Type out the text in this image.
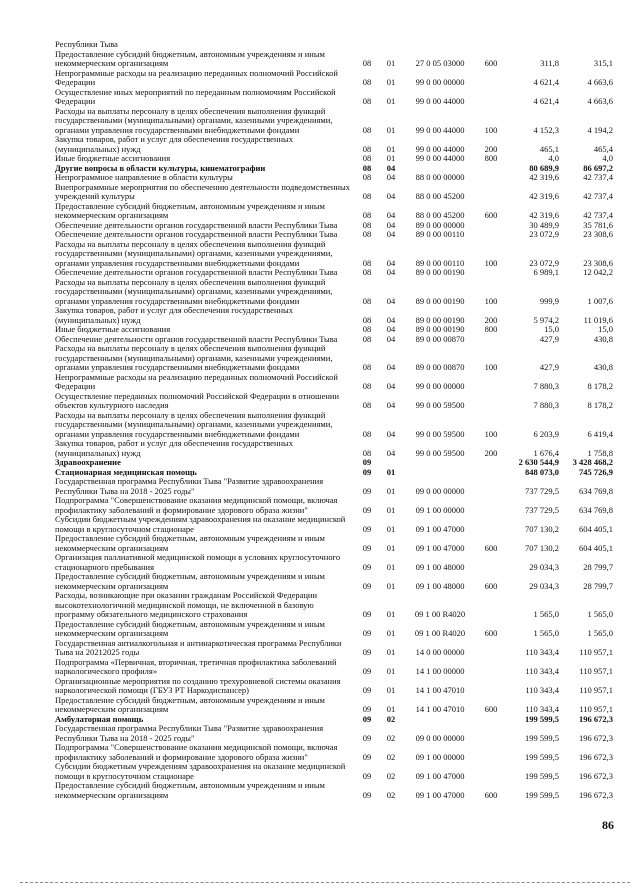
Республики Тыва						
Предоставление субсидий бюджетным, автономным учреждениям и иным некоммерческим организациям	08	01	27 0 05 03000	600	311,8	315,1
Непрограммные расходы на реализацию переданных полномочий Российской Федерации	08	01	99 0 00 00000		4 621,4	4 663,6
Осуществление иных мероприятий по переданным полномочиям Российской Федерации	08	01	99 0 00 44000		4 621,4	4 663,6
Расходы на выплаты персоналу в целях обеспечения выполнения функций государственными (муниципальными) органами, казенными учреждениями, органами управления государственными внебюджетными фондами	08	01	99 0 00 44000	100	4 152,3	4 194,2
Закупка товаров, работ и услуг для обеспечения государственных (муниципальных) нужд	08	01	99 0 00 44000	200	465,1	465,4
Иные бюджетные ассигнования	08	01	99 0 00 44000	800	4,0	4,0
Другие вопросы в области культуры, кинематографии	08	04			80 689,9	86 697,2
Непрограммное направление в области культуры	08	04	88 0 00 00000		42 319,6	42 737,4
Внепрограммные мероприятия по обеспечению деятельности подведомственных учреждений культуры	08	04	88 0 00 45200		42 319,6	42 737,4
Предоставление субсидий бюджетным, автономным учреждениям и иным некоммерческим организациям	08	04	88 0 00 45200	600	42 319,6	42 737,4
Обеспечение деятельности органов государственной власти Республики Тыва	08	04	89 0 00 00000		30 489,9	35 781,6
Обеспечение деятельности органов государственной власти Республики Тыва	08	04	89 0 00 00110		23 072,9	23 308,6
Расходы на выплаты персоналу в целях обеспечения выполнения функций государственными (муниципальными) органами, казенными учреждениями, органами управления государственными внебюджетными фондами	08	04	89 0 00 00110	100	23 072,9	23 308,6
Обеспечение деятельности органов государственной власти Республики Тыва	08	04	89 0 00 00190		6 989,1	12 042,2
Расходы на выплаты персоналу в целях обеспечения выполнения функций государственными (муниципальными) органами, казенными учреждениями, органами управления государственными внебюджетными фондами	08	04	89 0 00 00190	100	999,9	1 007,6
Закупка товаров, работ и услуг для обеспечения государственных (муниципальных) нужд	08	04	89 0 00 00190	200	5 974,2	11 019,6
Иные бюджетные ассигнования	08	04	89 0 00 00190	800	15,0	15,0
Обеспечение деятельности органов государственной власти Республики Тыва	08	04	89 0 00 00870		427,9	430,8
Расходы на выплаты персоналу в целях обеспечения выполнения функций государственными (муниципальными) органами, казенными учреждениями, органами управления государственными внебюджетными фондами	08	04	89 0 00 00870	100	427,9	430,8
Непрограммные расходы на реализацию переданных полномочий Российской Федерации	08	04	99 0 00 00000		7 880,3	8 178,2
Осуществление переданных полномочий Российской Федерации в отношении объектов культурного наследия	08	04	99 0 00 59500		7 880,3	8 178,2
Расходы на выплаты персоналу в целях обеспечения выполнения функций государственными (муниципальными) органами, казенными учреждениями, органами управления государственными внебюджетными фондами	08	04	99 0 00 59500	100	6 203,9	6 419,4
Закупка товаров, работ и услуг для обеспечения государственных (муниципальных) нужд	08	04	99 0 00 59500	200	1 676,4	1 758,8
Здравоохранение	09				2 630 544,9	3 428 468,2
Стационарная медицинская помощь	09	01			848 073,0	745 726,9
Государственная программа Республики Тыва "Развитие здравоохранения Республики Тыва на 2018 - 2025 годы"	09	01	09 0 00 00000		737 729,5	634 769,8
Подпрограмма "Совершенствование оказания медицинской помощи, включая профилактику заболеваний и формирование здорового образа жизни"	09	01	09 1 00 00000		737 729,5	634 769,8
Субсидии бюджетным учреждениям здравоохранения на оказание медицинской помощи в круглосуточном стационаре	09	01	09 1 00 47000		707 130,2	604 405,1
Предоставление субсидий бюджетным, автономным учреждениям и иным некоммерческим организациям	09	01	09 1 00 47000	600	707 130,2	604 405,1
Организация паллиативной медицинской помощи в условиях круглосуточного стационарного пребывания	09	01	09 1 00 48000		29 034,3	28 799,7
Предоставление субсидий бюджетным, автономным учреждениям и иным некоммерческим организациям	09	01	09 1 00 48000	600	29 034,3	28 799,7
Расходы, возникающие при оказании гражданам Российской Федерации высокотехнологичной медицинской помощи, не включенной в базовую программу обязательного медицинского страхования	09	01	09 1 00 R4020		1 565,0	1 565,0
Предоставление субсидий бюджетным, автономным учреждениям и иным некоммерческим организациям	09	01	09 1 00 R4020	600	1 565,0	1 565,0
Государственная антиалкогольная и антинаркотическая программа Республики Тыва на 20212025 годы	09	01	14 0 00 00000		110 343,4	110 957,1
Подпрограмма «Первичная, вторичная, третичная профилактика заболеваний наркологического профиля»	09	01	14 1 00 00000		110 343,4	110 957,1
Организационные мероприятия по созданию трехуровневой системы оказания наркологической помощи (ГБУЗ РТ Наркодиспансер)	09	01	14 1 00 47010		110 343,4	110 957,1
Предоставление субсидий бюджетным, автономным учреждениям и иным некоммерческим организациям	09	01	14 1 00 47010	600	110 343,4	110 957,1
Амбулаторная помощь	09	02			199 599,5	196 672,3
Государственная программа Республики Тыва "Развитие здравоохранения Республики Тыва на 2018 - 2025 годы"	09	02	09 0 00 00000		199 599,5	196 672,3
Подпрограмма "Совершенствование оказания медицинской помощи, включая профилактику заболеваний и формирование здорового образа жизни"	09	02	09 1 00 00000		199 599,5	196 672,3
Субсидии бюджетным учреждениям здравоохранения на оказание медицинской помощи в круглосуточном стационаре	09	02	09 1 00 47000		199 599,5	196 672,3
Предоставление субсидий бюджетным, автономным учреждениям и иным некоммерческим организациям	09	02	09 1 00 47000	600	199 599,5	196 672,3
86
